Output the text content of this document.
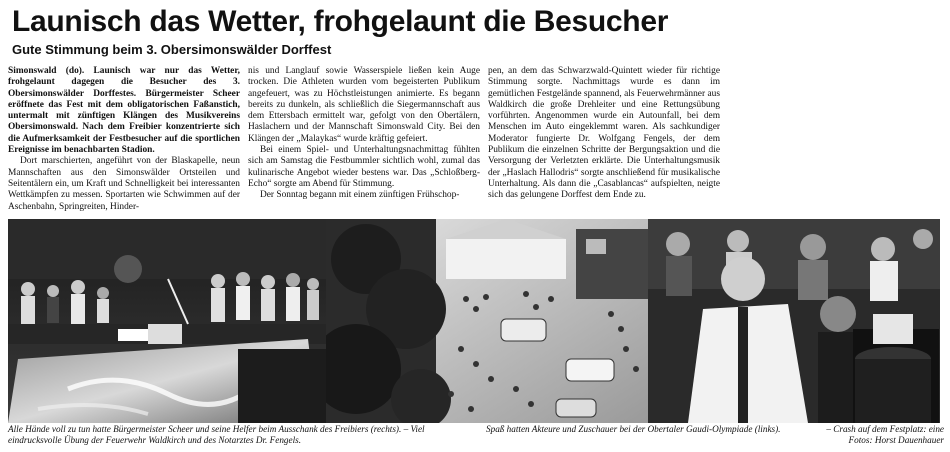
Launisch das Wetter, frohgelaunt die Besucher
Gute Stimmung beim 3. Obersimonswälder Dorffest

Simonswald (do). Launisch war nur das Wetter, frohgelaunt dagegen die Besucher des 3. Obersimonswälder Dorffestes. Bürgermeister Scheer eröffnete das Fest mit dem obligatorischen Faßanstich, untermalt mit zünftigen Klängen des Musikvereins Obersimonswald. Nach dem Freibier konzentrierte sich die Aufmerksamkeit der Festbesucher auf die sportlichen Ereignisse im benachbarten Stadion.

Dort marschierten, angeführt von der Blaskapelle, neun Mannschaften aus den Simonswälder Ortsteilen und Seitentälern ein, um Kraft und Schnelligkeit bei interessanten Wettkämpfen zu messen. Sportarten wie Schwimmen auf der Aschenbahn, Springreiten, Hinder-

nis und Langlauf sowie Wasserspiele ließen kein Auge trocken. Die Athleten wurden vom begeisterten Publikum angefeuert, was zu Höchstleistungen animierte. Es begann bereits zu dunkeln, als schließlich die Siegermannschaft aus dem Ettersbach ermittelt war, gefolgt von den Obertälern, Haslachern und der Mannschaft Simonswald City. Bei den Klängen der „Malaykas“ wurde kräftig gefeiert.

Bei einem Spiel- und Unterhaltungsnachmittag fühlten sich am Samstag die Festbummler sichtlich wohl, zumal das kulinarische Angebot wieder bestens war. Das „Schloßberg-Echo“ sorgte am Abend für Stimmung.

Der Sonntag begann mit einem zünftigen Frühschop-

pen, an dem das Schwarzwald-Quintett wieder für richtige Stimmung sorgte. Nachmittags wurde es dann im gemütlichen Festgelände spannend, als Feuerwehrmänner aus Waldkirch die große Drehleiter und eine Rettungsübung vorführten. Angenommen wurde ein Autounfall, bei dem Menschen im Auto eingeklemmt waren. Als sachkundiger Moderator fungierte Dr. Wolfgang Fengels, der dem Publikum die einzelnen Schritte der Bergungsaktion und die Versorgung der Verletzten erklärte. Die Unterhaltungsmusik der „Haslach Hallodris“ sorgte anschließend für musikalische Unterhaltung. Als dann die „Casablancas“ aufspielten, neigte sich das gelungene Dorffest dem Ende zu.

Alle Hände voll zu tun hatte Bürgermeister Scheer und seine Helfer beim Ausschank des Freibiers (rechts). – Viel eindrucksvolle Übung der Feuerwehr Waldkirch und des Notarztes Dr. Fengels.
Spaß hatten Akteure und Zuschauer bei der Obertaler Gaudi-Olympiade (links).	– Crash auf dem Festplatz: eine
Fotos: Horst Dauenhauer
